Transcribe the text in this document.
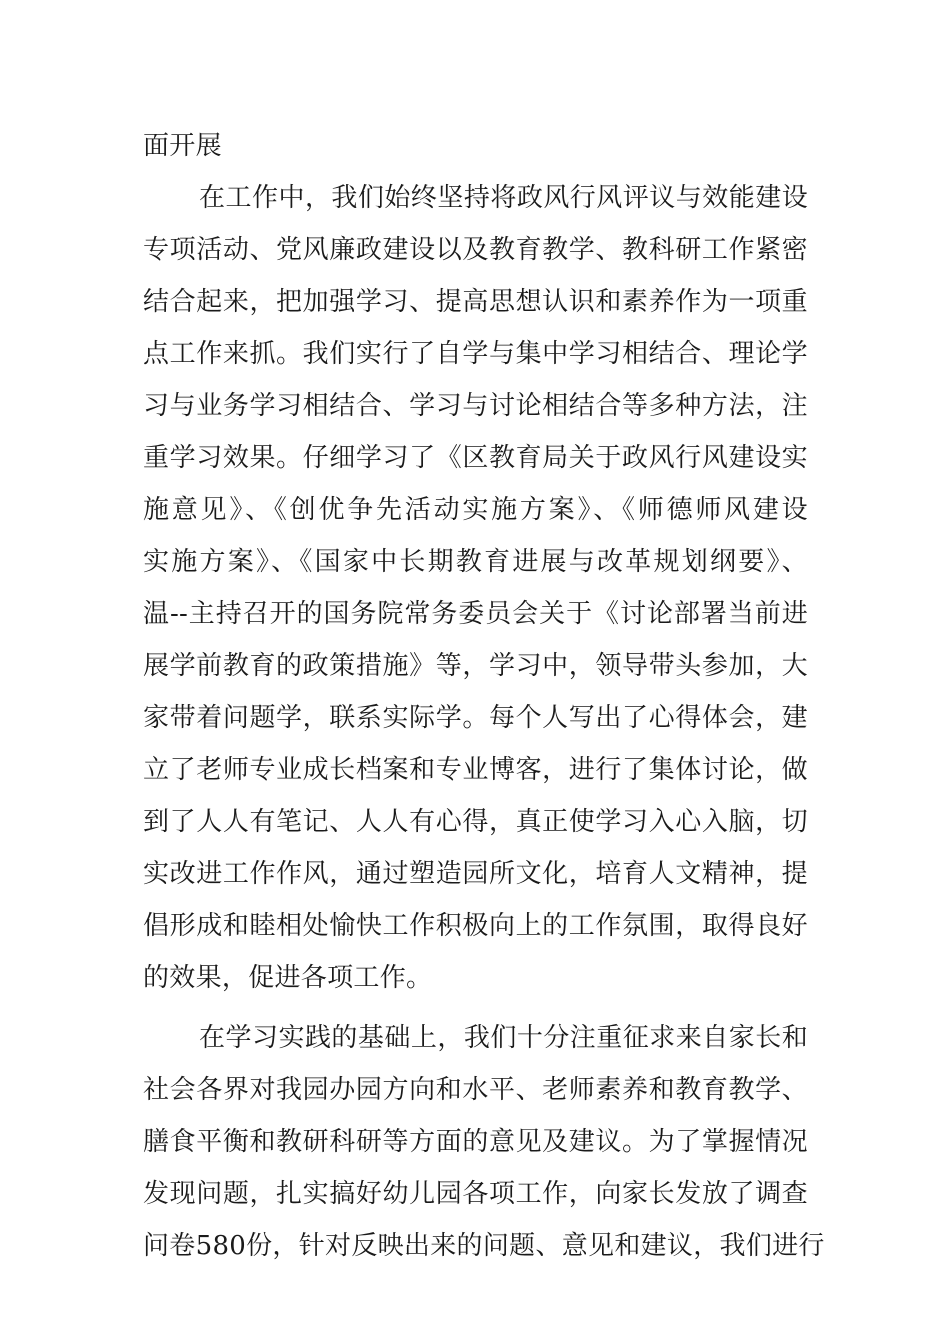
面开展
在工作中，我们始终坚持将政风行风评议与效能建设
专项活动、党风廉政建设以及教育教学、教科研工作紧密
结合起来，把加强学习、提高思想认识和素养作为一项重
点工作来抓。我们实行了自学与集中学习相结合、理论学
习与业务学习相结合、学习与讨论相结合等多种方法，注
重学习效果。仔细学习了《区教育局关于政风行风建设实
施意见》、《创优争先活动实施方案》、《师德师风建设
实施方案》、《国家中长期教育进展与改革规划纲要》、
温--主持召开的国务院常务委员会关于《讨论部署当前进
展学前教育的政策措施》等，学习中，领导带头参加，大
家带着问题学，联系实际学。每个人写出了心得体会，建
立了老师专业成长档案和专业博客，进行了集体讨论，做
到了人人有笔记、人人有心得，真正使学习入心入脑，切
实改进工作作风，通过塑造园所文化，培育人文精神，提
倡形成和睦相处愉快工作积极向上的工作氛围，取得良好
的效果，促进各项工作。
在学习实践的基础上，我们十分注重征求来自家长和
社会各界对我园办园方向和水平、老师素养和教育教学、
膳食平衡和教研科研等方面的意见及建议。为了掌握情况
发现问题，扎实搞好幼儿园各项工作，向家长发放了调查
问卷580份，针对反映出来的问题、意见和建议，我们进行
